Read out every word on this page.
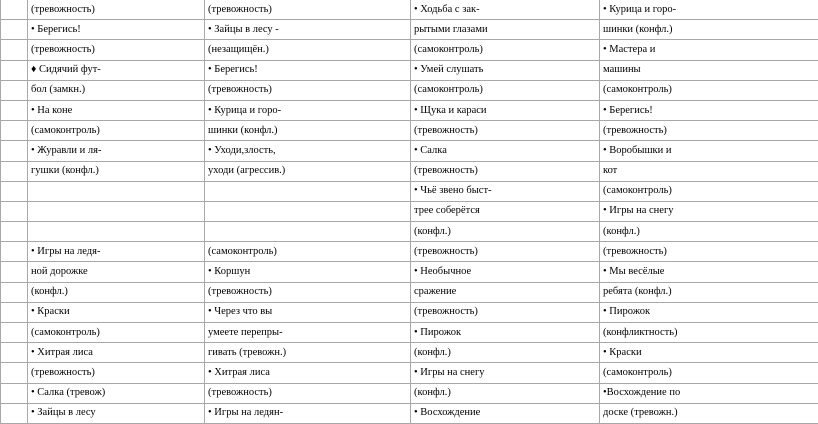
	(тревожность)	(тревожность)	• Ходьба с зак-	• Курица и горо-
	• Берегись!	• Зайцы в лесу -	рытыми глазами	шинки (конфл.)
	(тревожность)	(незащищён.)	(самоконтроль)	• Мастера и
	♦ Сидячий фут-	• Берегись!	• Умей слушать	машины
	бол (замкн.)	(тревожность)	(самоконтроль)	(самоконтроль)
	• На коне	• Курица и горо-	• Щука и караси	• Берегись!
	(самоконтроль)	шинки (конфл.)	(тревожность)	(тревожность)
	• Журавли и ля-	• Уходи,злость,	• Салка	• Воробышки и
	гушки (конфл.)	уходи (агрессив.)	(тревожность)	кот
			• Чьё звено быст-	(самоконтроль)
			трее соберётся	• Игры на снегу
			(конфл.)	(конфл.)
	• Игры на ледя-	(самоконтроль)	(тревожность)	(тревожность)
	ной дорожке	• Коршун	• Необычное	• Мы весёлые
	(конфл.)	(тревожность)	сражение	ребята (конфл.)
	• Краски	• Через что вы	(тревожность)	• Пирожок
	(самоконтроль)	умеете перепры-	• Пирожок	(конфликтность)
	• Хитрая лиса	гивать (тревожн.)	(конфл.)	• Краски
	(тревожность)	• Хитрая лиса	• Игры на снегу	(самоконтроль)
	• Салка (тревож)	(тревожность)	(конфл.)	•Восхождение по
	• Зайцы в лесу	• Игры на ледян-	• Восхождение	доске (тревожн.)
